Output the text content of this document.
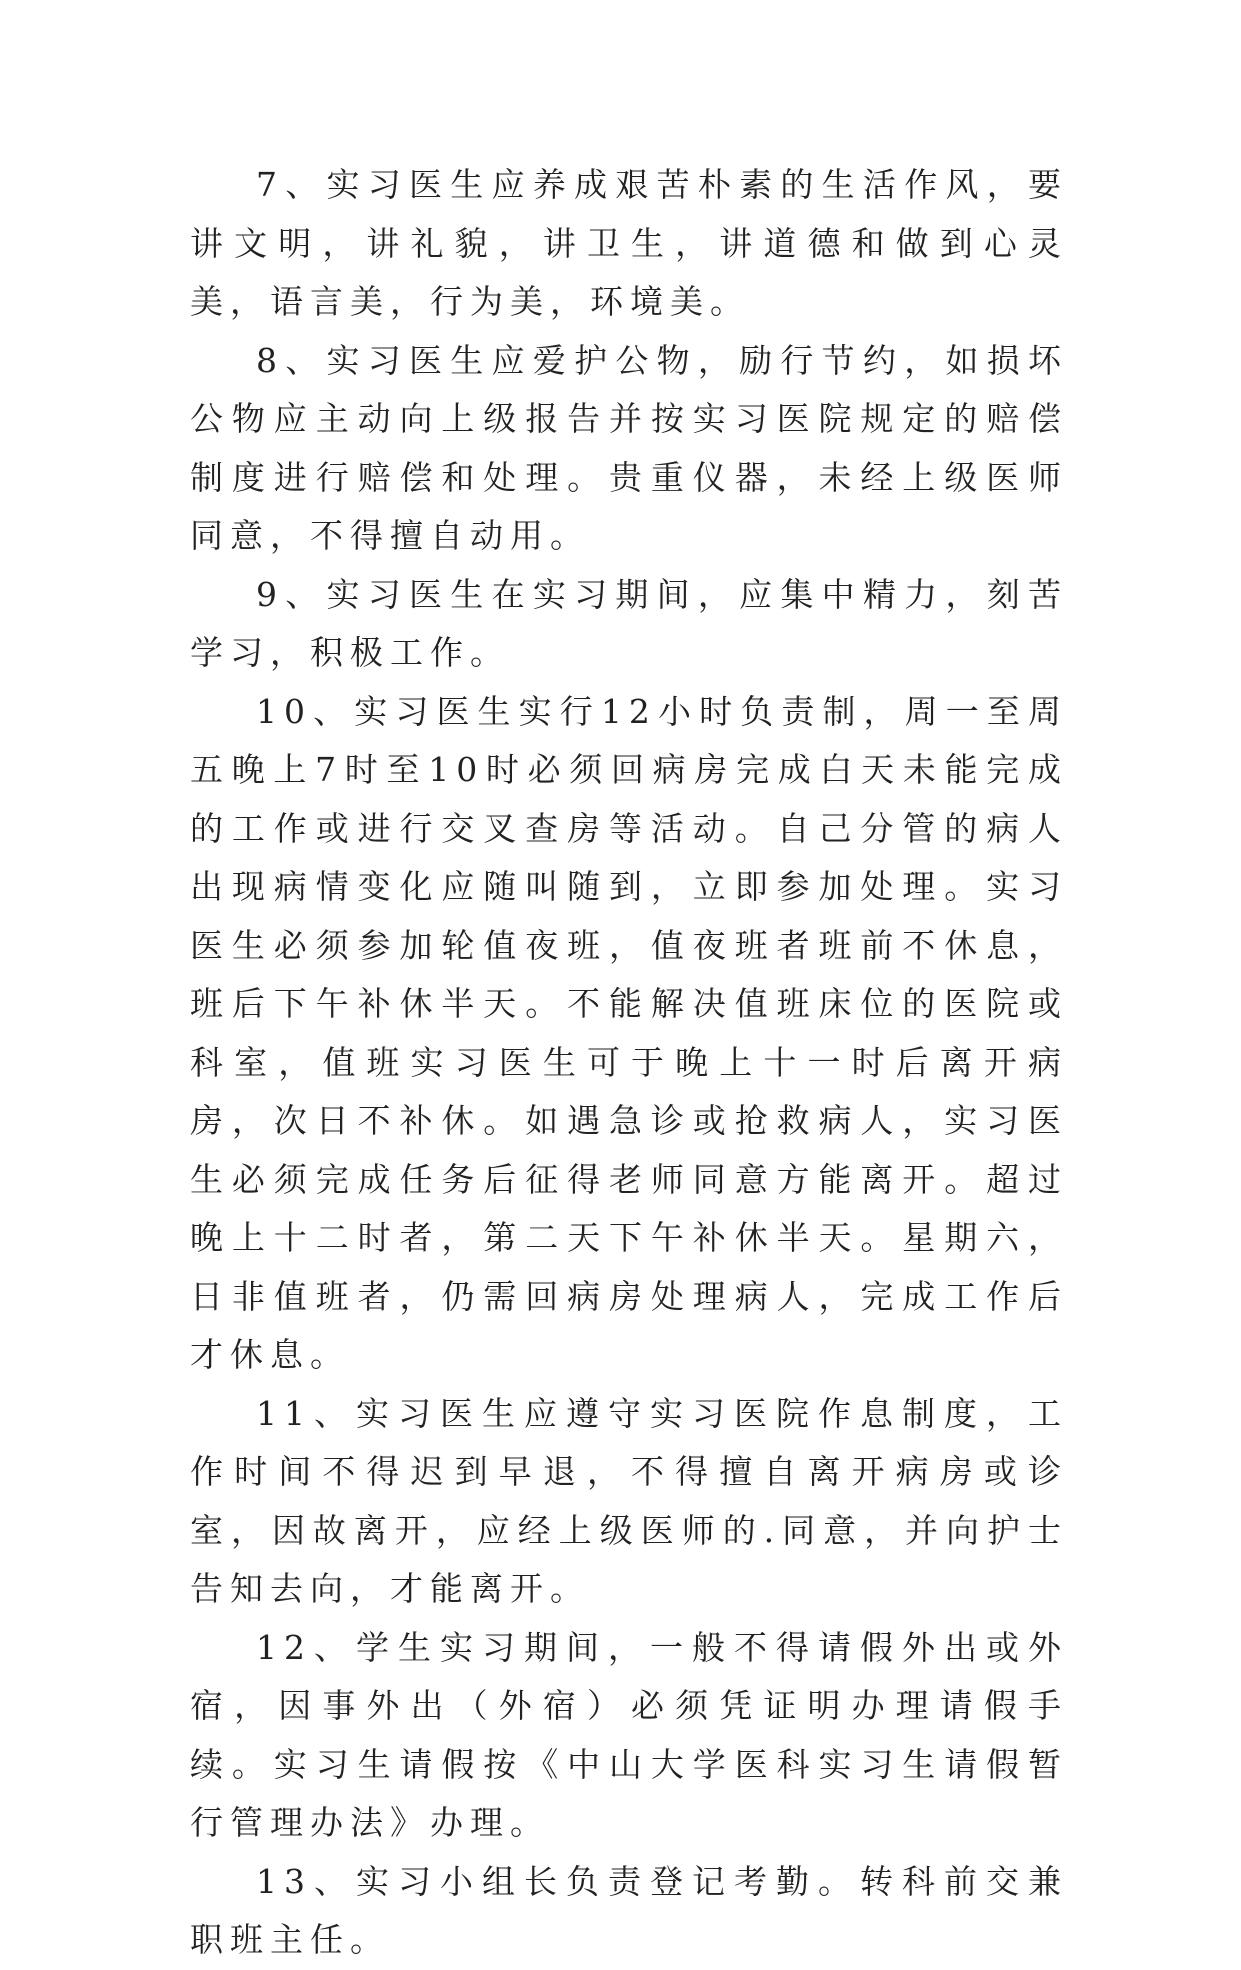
7、实习医生应养成艰苦朴素的生活作风，要讲文明，讲礼貌，讲卫生，讲道德和做到心灵美，语言美，行为美，环境美。

8、实习医生应爱护公物，励行节约，如损坏公物应主动向上级报告并按实习医院规定的赔偿制度进行赔偿和处理。贵重仪器，未经上级医师同意，不得擅自动用。

9、实习医生在实习期间，应集中精力，刻苦学习，积极工作。

10、实习医生实行12小时负责制，周一至周五晚上7时至10时必须回病房完成白天未能完成的工作或进行交叉查房等活动。自己分管的病人出现病情变化应随叫随到，立即参加处理。实习医生必须参加轮值夜班，值夜班者班前不休息，班后下午补休半天。不能解决值班床位的医院或科室，值班实习医生可于晚上十一时后离开病房，次日不补休。如遇急诊或抢救病人，实习医生必须完成任务后征得老师同意方能离开。超过晚上十二时者，第二天下午补休半天。星期六，日非值班者，仍需回病房处理病人，完成工作后才休息。

11、实习医生应遵守实习医院作息制度，工作时间不得迟到早退，不得擅自离开病房或诊室，因故离开，应经上级医师的.同意，并向护士告知去向，才能离开。

12、学生实习期间，一般不得请假外出或外宿，因事外出（外宿）必须凭证明办理请假手续。实习生请假按《中山大学医科实习生请假暂行管理办法》办理。

13、实习小组长负责登记考勤。转科前交兼职班主任。
